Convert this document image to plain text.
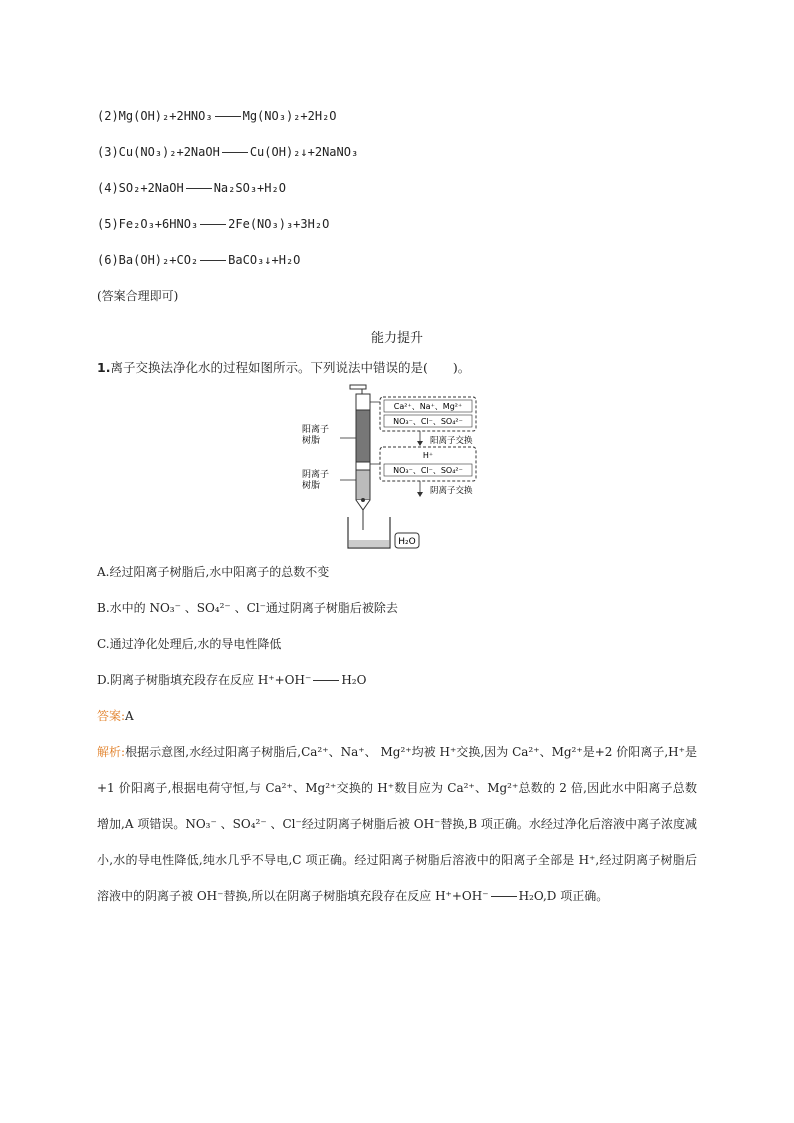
(2)Mg(OH)₂+2HNO₃	Mg(NO₃)₂+2H₂O
(3)Cu(NO₃)₂+2NaOH	Cu(OH)₂↓+2NaNO₃
(4)SO₂+2NaOH	Na₂SO₃+H₂O
(5)Fe₂O₃+6HNO₃	2Fe(NO₃)₃+3H₂O
(6)Ba(OH)₂+CO₂	BaCO₃↓+H₂O
(答案合理即可)
能力提升
1.离子交换法净化水的过程如图所示。下列说法中错误的是(　　)。
H₂O
阳离子
树脂
阴离子
树脂
Ca²⁺、Na⁺、Mg²⁺
NO₃⁻、Cl⁻、SO₄²⁻
阳离子交换
H⁺
NO₃⁻、Cl⁻、SO₄²⁻
阴离子交换
A.经过阳离子树脂后,水中阳离子的总数不变
B.水中的 NO₃⁻ 、SO₄²⁻ 、Cl⁻通过阴离子树脂后被除去
C.通过净化处理后,水的导电性降低
D.阴离子树脂填充段存在反应 H⁺+OH⁻	H₂O
答案:A
解析:根据示意图,水经过阳离子树脂后,Ca²⁺、Na⁺、 Mg²⁺均被 H⁺交换,因为 Ca²⁺、Mg²⁺是+2 价阳离子,H⁺是+1 价阳离子,根据电荷守恒,与 Ca²⁺、Mg²⁺交换的 H⁺数目应为 Ca²⁺、Mg²⁺总数的 2 倍,因此水中阳离子总数增加,A 项错误。NO₃⁻ 、SO₄²⁻ 、Cl⁻经过阴离子树脂后被 OH⁻替换,B 项正确。水经过净化后溶液中离子浓度减小,水的导电性降低,纯水几乎不导电,C 项正确。经过阳离子树脂后溶液中的阳离子全部是 H⁺,经过阴离子树脂后溶液中的阴离子被 OH⁻替换,所以在阴离子树脂填充段存在反应 H⁺+OH⁻	H₂O,D 项正确。
